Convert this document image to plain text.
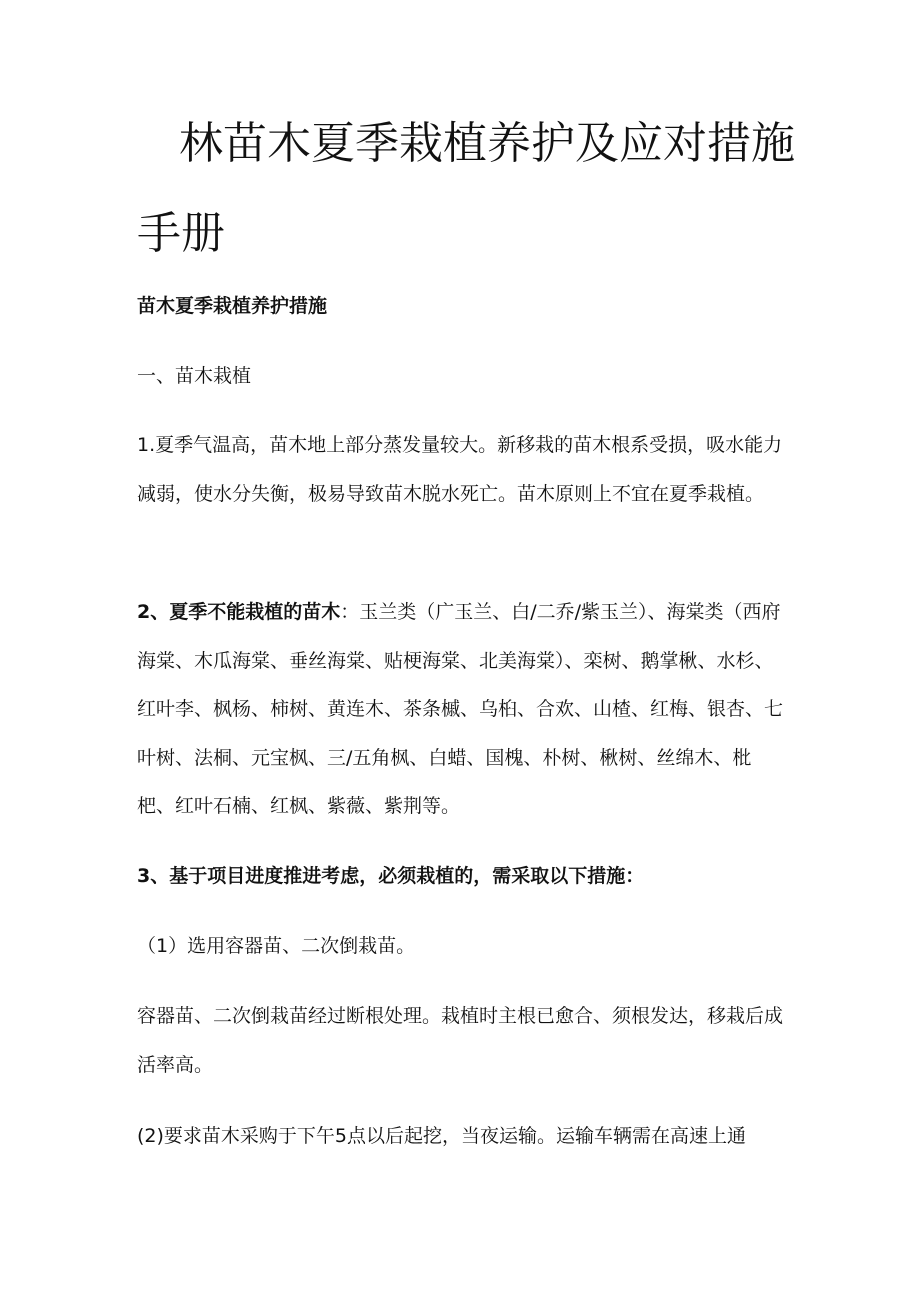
林苗木夏季栽植养护及应对措施
手册

苗木夏季栽植养护措施

一、苗木栽植

1.夏季气温高，苗木地上部分蒸发量较大。新移栽的苗木根系受损，吸水能力减弱，使水分失衡，极易导致苗木脱水死亡。苗木原则上不宜在夏季栽植。

2、夏季不能栽植的苗木：玉兰类（广玉兰、白/二乔/紫玉兰）、海棠类（西府海棠、木瓜海棠、垂丝海棠、贴梗海棠、北美海棠）、栾树、鹅掌楸、水杉、红叶李、枫杨、柿树、黄连木、茶条槭、乌桕、合欢、山楂、红梅、银杏、七叶树、法桐、元宝枫、三/五角枫、白蜡、国槐、朴树、楸树、丝绵木、枇杷、红叶石楠、红枫、紫薇、紫荆等。

3、基于项目进度推进考虑，必须栽植的，需采取以下措施：

（1）选用容器苗、二次倒栽苗。

容器苗、二次倒栽苗经过断根处理。栽植时主根已愈合、须根发达，移栽后成活率高。

(2)要求苗木采购于下午5点以后起挖，当夜运输。运输车辆需在高速上通
